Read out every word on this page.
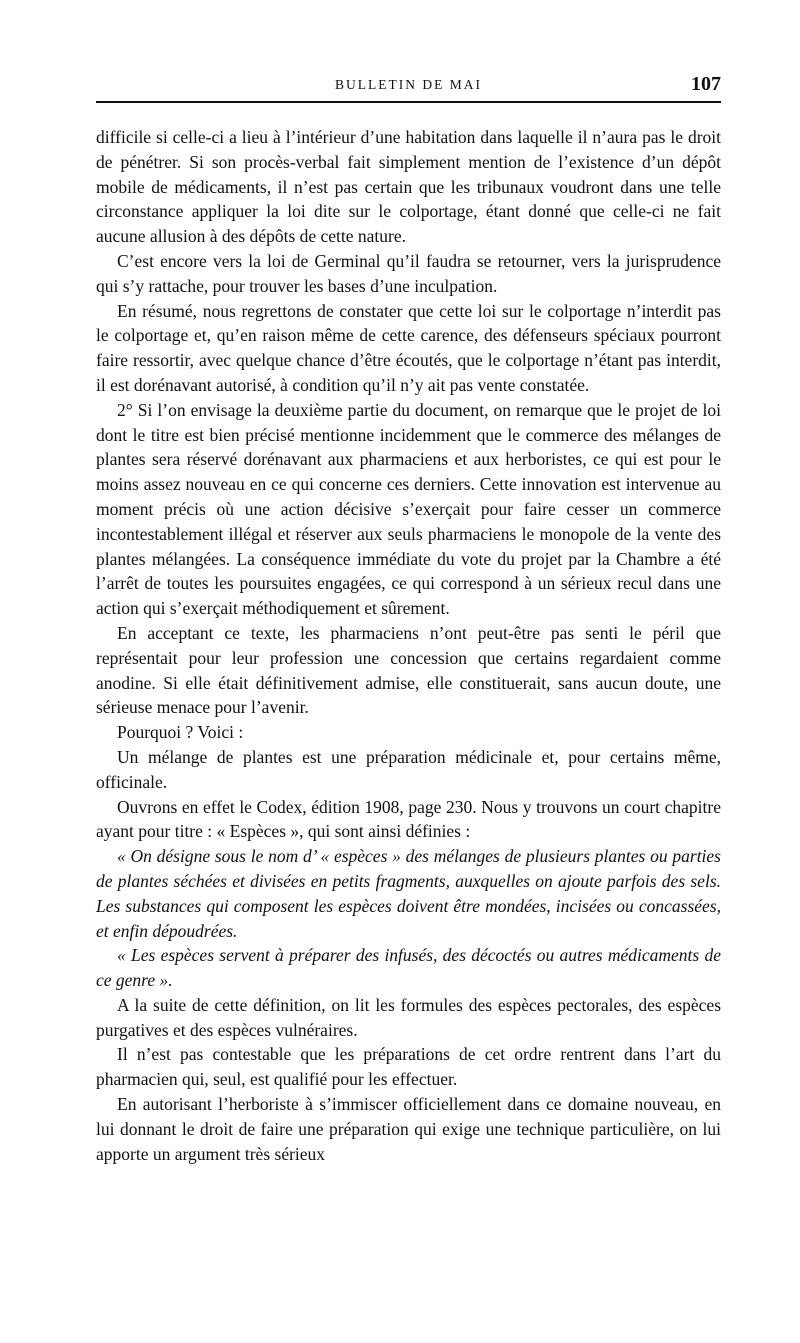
BULLETIN DE MAI	107

difficile si celle-ci a lieu à l’intérieur d’une habitation dans laquelle il n’aura pas le droit de pénétrer. Si son procès-verbal fait simplement mention de l’existence d’un dépôt mobile de médicaments, il n’est pas certain que les tribunaux voudront dans une telle circonstance appliquer la loi dite sur le colportage, étant donné que celle-ci ne fait aucune allusion à des dépôts de cette nature.

C’est encore vers la loi de Germinal qu’il faudra se retourner, vers la jurisprudence qui s’y rattache, pour trouver les bases d’une inculpation.

En résumé, nous regrettons de constater que cette loi sur le colportage n’interdit pas le colportage et, qu’en raison même de cette carence, des défenseurs spéciaux pourront faire ressortir, avec quelque chance d’être écoutés, que le colportage n’étant pas interdit, il est dorénavant autorisé, à condition qu’il n’y ait pas vente constatée.

2° Si l’on envisage la deuxième partie du document, on remarque que le projet de loi dont le titre est bien précisé mentionne incidemment que le commerce des mélanges de plantes sera réservé dorénavant aux pharmaciens et aux herboristes, ce qui est pour le moins assez nouveau en ce qui concerne ces derniers. Cette innovation est intervenue au moment précis où une action décisive s’exerçait pour faire cesser un commerce incontestablement illégal et réserver aux seuls pharmaciens le monopole de la vente des plantes mélangées. La conséquence immédiate du vote du projet par la Chambre a été l’arrêt de toutes les poursuites engagées, ce qui correspond à un sérieux recul dans une action qui s’exerçait méthodiquement et sûrement.

En acceptant ce texte, les pharmaciens n’ont peut-être pas senti le péril que représentait pour leur profession une concession que certains regardaient comme anodine. Si elle était définitivement admise, elle constituerait, sans aucun doute, une sérieuse menace pour l’avenir.

Pourquoi ? Voici :

Un mélange de plantes est une préparation médicinale et, pour certains même, officinale.

Ouvrons en effet le Codex, édition 1908, page 230. Nous y trouvons un court chapitre ayant pour titre : « Espèces », qui sont ainsi définies :

« On désigne sous le nom d’ « espèces » des mélanges de plusieurs plantes ou parties de plantes séchées et divisées en petits fragments, auxquelles on ajoute parfois des sels. Les substances qui composent les espèces doivent être mondées, incisées ou concassées, et enfin dépoudrées.

« Les espèces servent à préparer des infusés, des décoctés ou autres médicaments de ce genre ».

A la suite de cette définition, on lit les formules des espèces pectorales, des espèces purgatives et des espèces vulnéraires.

Il n’est pas contestable que les préparations de cet ordre rentrent dans l’art du pharmacien qui, seul, est qualifié pour les effectuer.

En autorisant l’herboriste à s’immiscer officiellement dans ce domaine nouveau, en lui donnant le droit de faire une préparation qui exige une technique particulière, on lui apporte un argument très sérieux
